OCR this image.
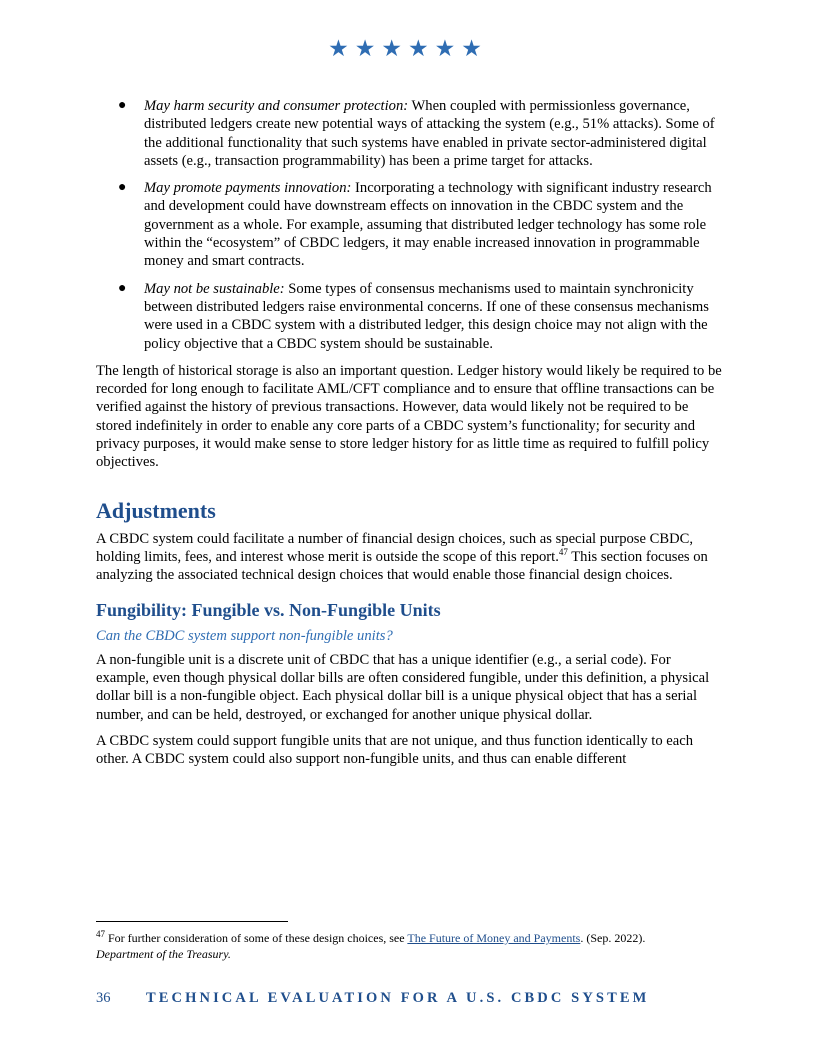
★★★★★★
● May harm security and consumer protection: When coupled with permissionless governance, distributed ledgers create new potential ways of attacking the system (e.g., 51% attacks). Some of the additional functionality that such systems have enabled in private sector-administered digital assets (e.g., transaction programmability) has been a prime target for attacks.
● May promote payments innovation: Incorporating a technology with significant industry research and development could have downstream effects on innovation in the CBDC system and the government as a whole. For example, assuming that distributed ledger technology has some role within the “ecosystem” of CBDC ledgers, it may enable increased innovation in programmable money and smart contracts.
● May not be sustainable: Some types of consensus mechanisms used to maintain synchronicity between distributed ledgers raise environmental concerns. If one of these consensus mechanisms were used in a CBDC system with a distributed ledger, this design choice may not align with the policy objective that a CBDC system should be sustainable.

The length of historical storage is also an important question. Ledger history would likely be required to be recorded for long enough to facilitate AML/CFT compliance and to ensure that offline transactions can be verified against the history of previous transactions. However, data would likely not be required to be stored indefinitely in order to enable any core parts of a CBDC system’s functionality; for security and privacy purposes, it would make sense to store ledger history for as little time as required to fulfill policy objectives.

Adjustments

A CBDC system could facilitate a number of financial design choices, such as special purpose CBDC, holding limits, fees, and interest whose merit is outside the scope of this report.$^{47}$ This section focuses on analyzing the associated technical design choices that would enable those financial design choices.

Fungibility: Fungible vs. Non-Fungible Units

Can the CBDC system support non-fungible units?

A non-fungible unit is a discrete unit of CBDC that has a unique identifier (e.g., a serial code). For example, even though physical dollar bills are often considered fungible, under this definition, a physical dollar bill is a non-fungible object. Each physical dollar bill is a unique physical object that has a serial number, and can be held, destroyed, or exchanged for another unique physical dollar.

A CBDC system could support fungible units that are not unique, and thus function identically to each other. A CBDC system could also support non-fungible units, and thus can enable different

$^{47}$ For further consideration of some of these design choices, see The Future of Money and Payments. (Sep. 2022).
Department of the Treasury.
36 TECHNICAL EVALUATION FOR A U.S. CBDC SYSTEM
